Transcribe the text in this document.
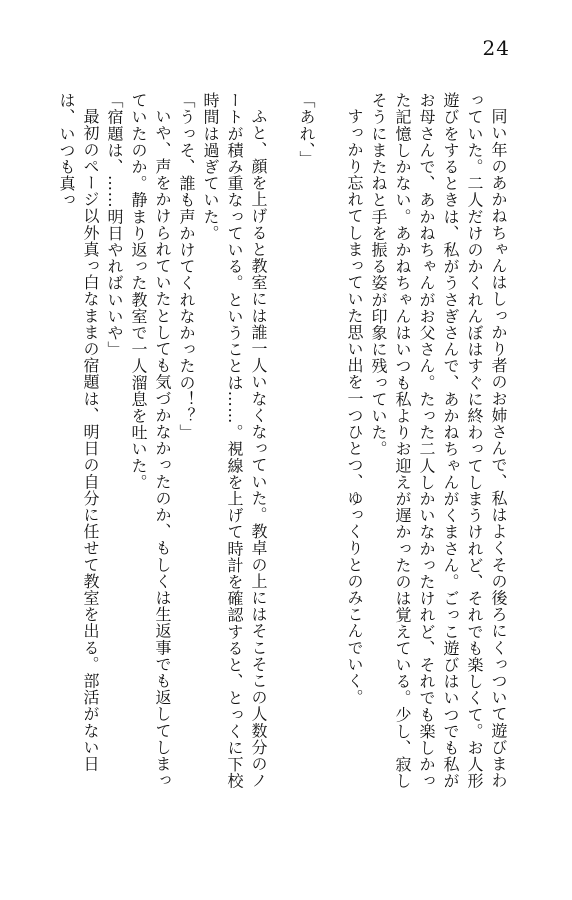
24

同い年のあかねちゃんはしっかり者のお姉さんで、私はよくその後ろにくっついて遊びまわっていた。二人だけのかくれんぼはすぐに終わってしまうけれど、それでも楽しくて。お人形遊びをするときは、私がうさぎさんで、あかねちゃんがくまさん。ごっこ遊びはいつでも私がお母さんで、あかねちゃんがお父さん。たった二人しかいなかったけれど、それでも楽しかった記憶しかない。あかねちゃんはいつも私よりお迎えが遅かったのは覚えている。少し、寂しそうにまたねと手を振る姿が印象に残っていた。

すっかり忘れてしまっていた思い出を一つひとつ、ゆっくりとのみこんでいく。

「あれ、」

ふと、顔を上げると教室には誰一人いなくなっていた。教卓の上にはそこそこの人数分のノートが積み重なっている。ということは……。視線を上げて時計を確認すると、とっくに下校時間は過ぎていた。

「うっそ、誰も声かけてくれなかったの！？」

いや、声をかけられていたとしても気づかなかったのか、もしくは生返事でも返してしまっていたのか。静まり返った教室で一人溜息を吐いた。

「宿題は、……明日やればいいや」

最初のページ以外真っ白なままの宿題は、明日の自分に任せて教室を出る。部活がない日は、いつも真っ
